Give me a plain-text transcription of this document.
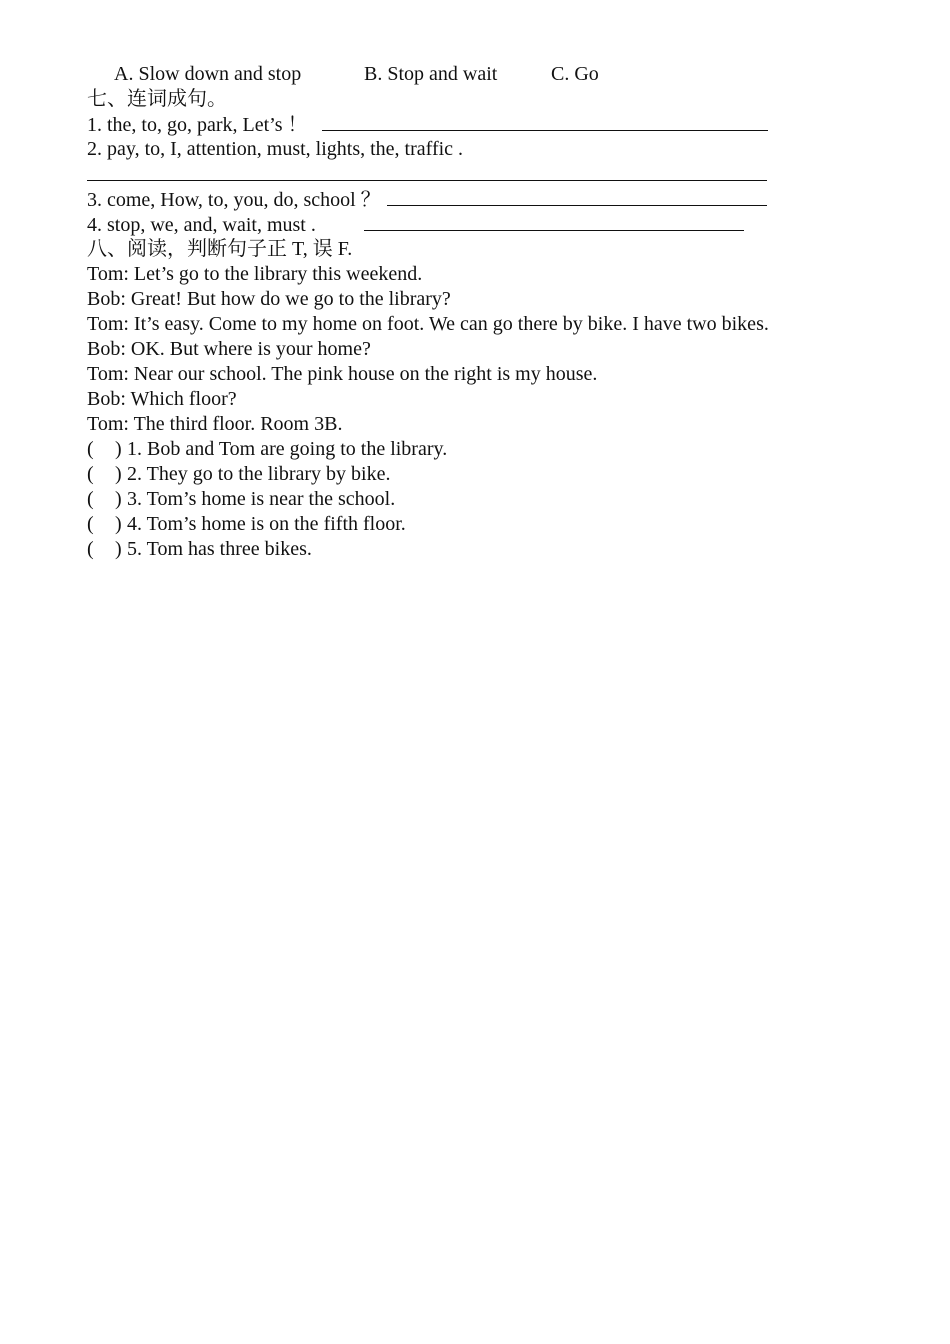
A. Slow down and stop	B. Stop and wait	C. Go
七、连词成句。
1. the, to, go, park, Let’s ！
2. pay, to, I, attention, must, lights, the, traffic .
3. come, How, to, you, do, school ？
4. stop, we, and, wait, must .
八、阅读，判断句子正 T, 误 F.
Tom: Let’s go to the library this weekend.
Bob: Great! But how do we go to the library?
Tom: It’s easy. Come to my home on foot. We can go there by bike. I have two bikes.
Bob: OK. But where is your home?
Tom: Near our school. The pink house on the right is my house.
Bob: Which floor?
Tom: The third floor. Room 3B.
( ) 1. Bob and Tom are going to the library.
( ) 2. They go to the library by bike.
( ) 3. Tom’s home is near the school.
( ) 4. Tom’s home is on the fifth floor.
( ) 5. Tom has three bikes.
